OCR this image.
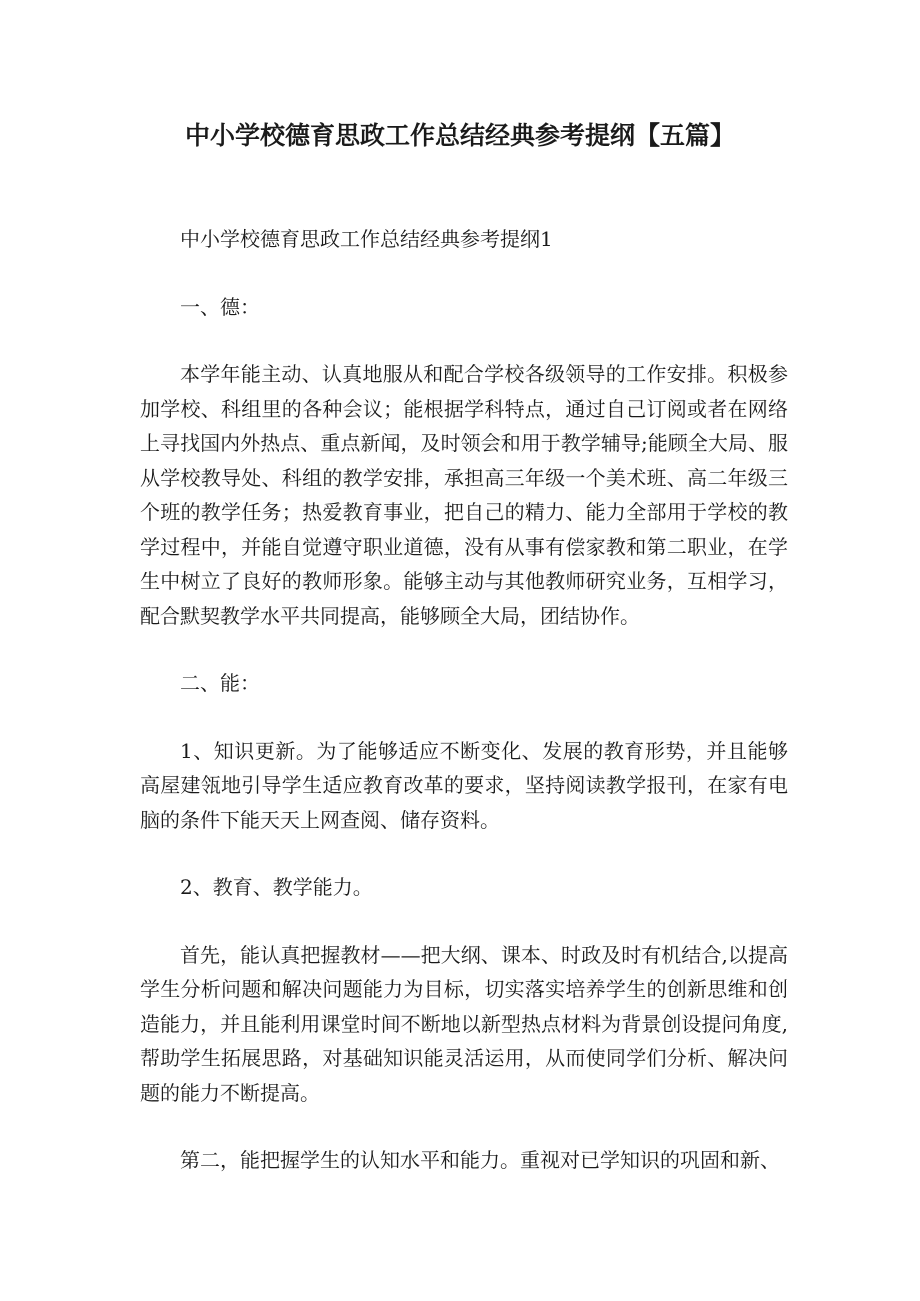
中小学校德育思政工作总结经典参考提纲【五篇】

中小学校德育思政工作总结经典参考提纲1

一、德：

本学年能主动、认真地服从和配合学校各级领导的工作安排。积极参加学校、科组里的各种会议；能根据学科特点，通过自己订阅或者在网络上寻找国内外热点、重点新闻，及时领会和用于教学辅导;能顾全大局、服从学校教导处、科组的教学安排，承担高三年级一个美术班、高二年级三个班的教学任务；热爱教育事业，把自己的精力、能力全部用于学校的教学过程中，并能自觉遵守职业道德，没有从事有偿家教和第二职业，在学生中树立了良好的教师形象。能够主动与其他教师研究业务，互相学习，配合默契教学水平共同提高，能够顾全大局，团结协作。

二、能：

1、知识更新。为了能够适应不断变化、发展的教育形势，并且能够高屋建瓴地引导学生适应教育改革的要求，坚持阅读教学报刊，在家有电脑的条件下能天天上网查阅、储存资料。

2、教育、教学能力。

首先，能认真把握教材——把大纲、课本、时政及时有机结合,以提高学生分析问题和解决问题能力为目标，切实落实培养学生的创新思维和创造能力，并且能利用课堂时间不断地以新型热点材料为背景创设提问角度,帮助学生拓展思路，对基础知识能灵活运用，从而使同学们分析、解决问题的能力不断提高。

第二，能把握学生的认知水平和能力。重视对已学知识的巩固和新、
